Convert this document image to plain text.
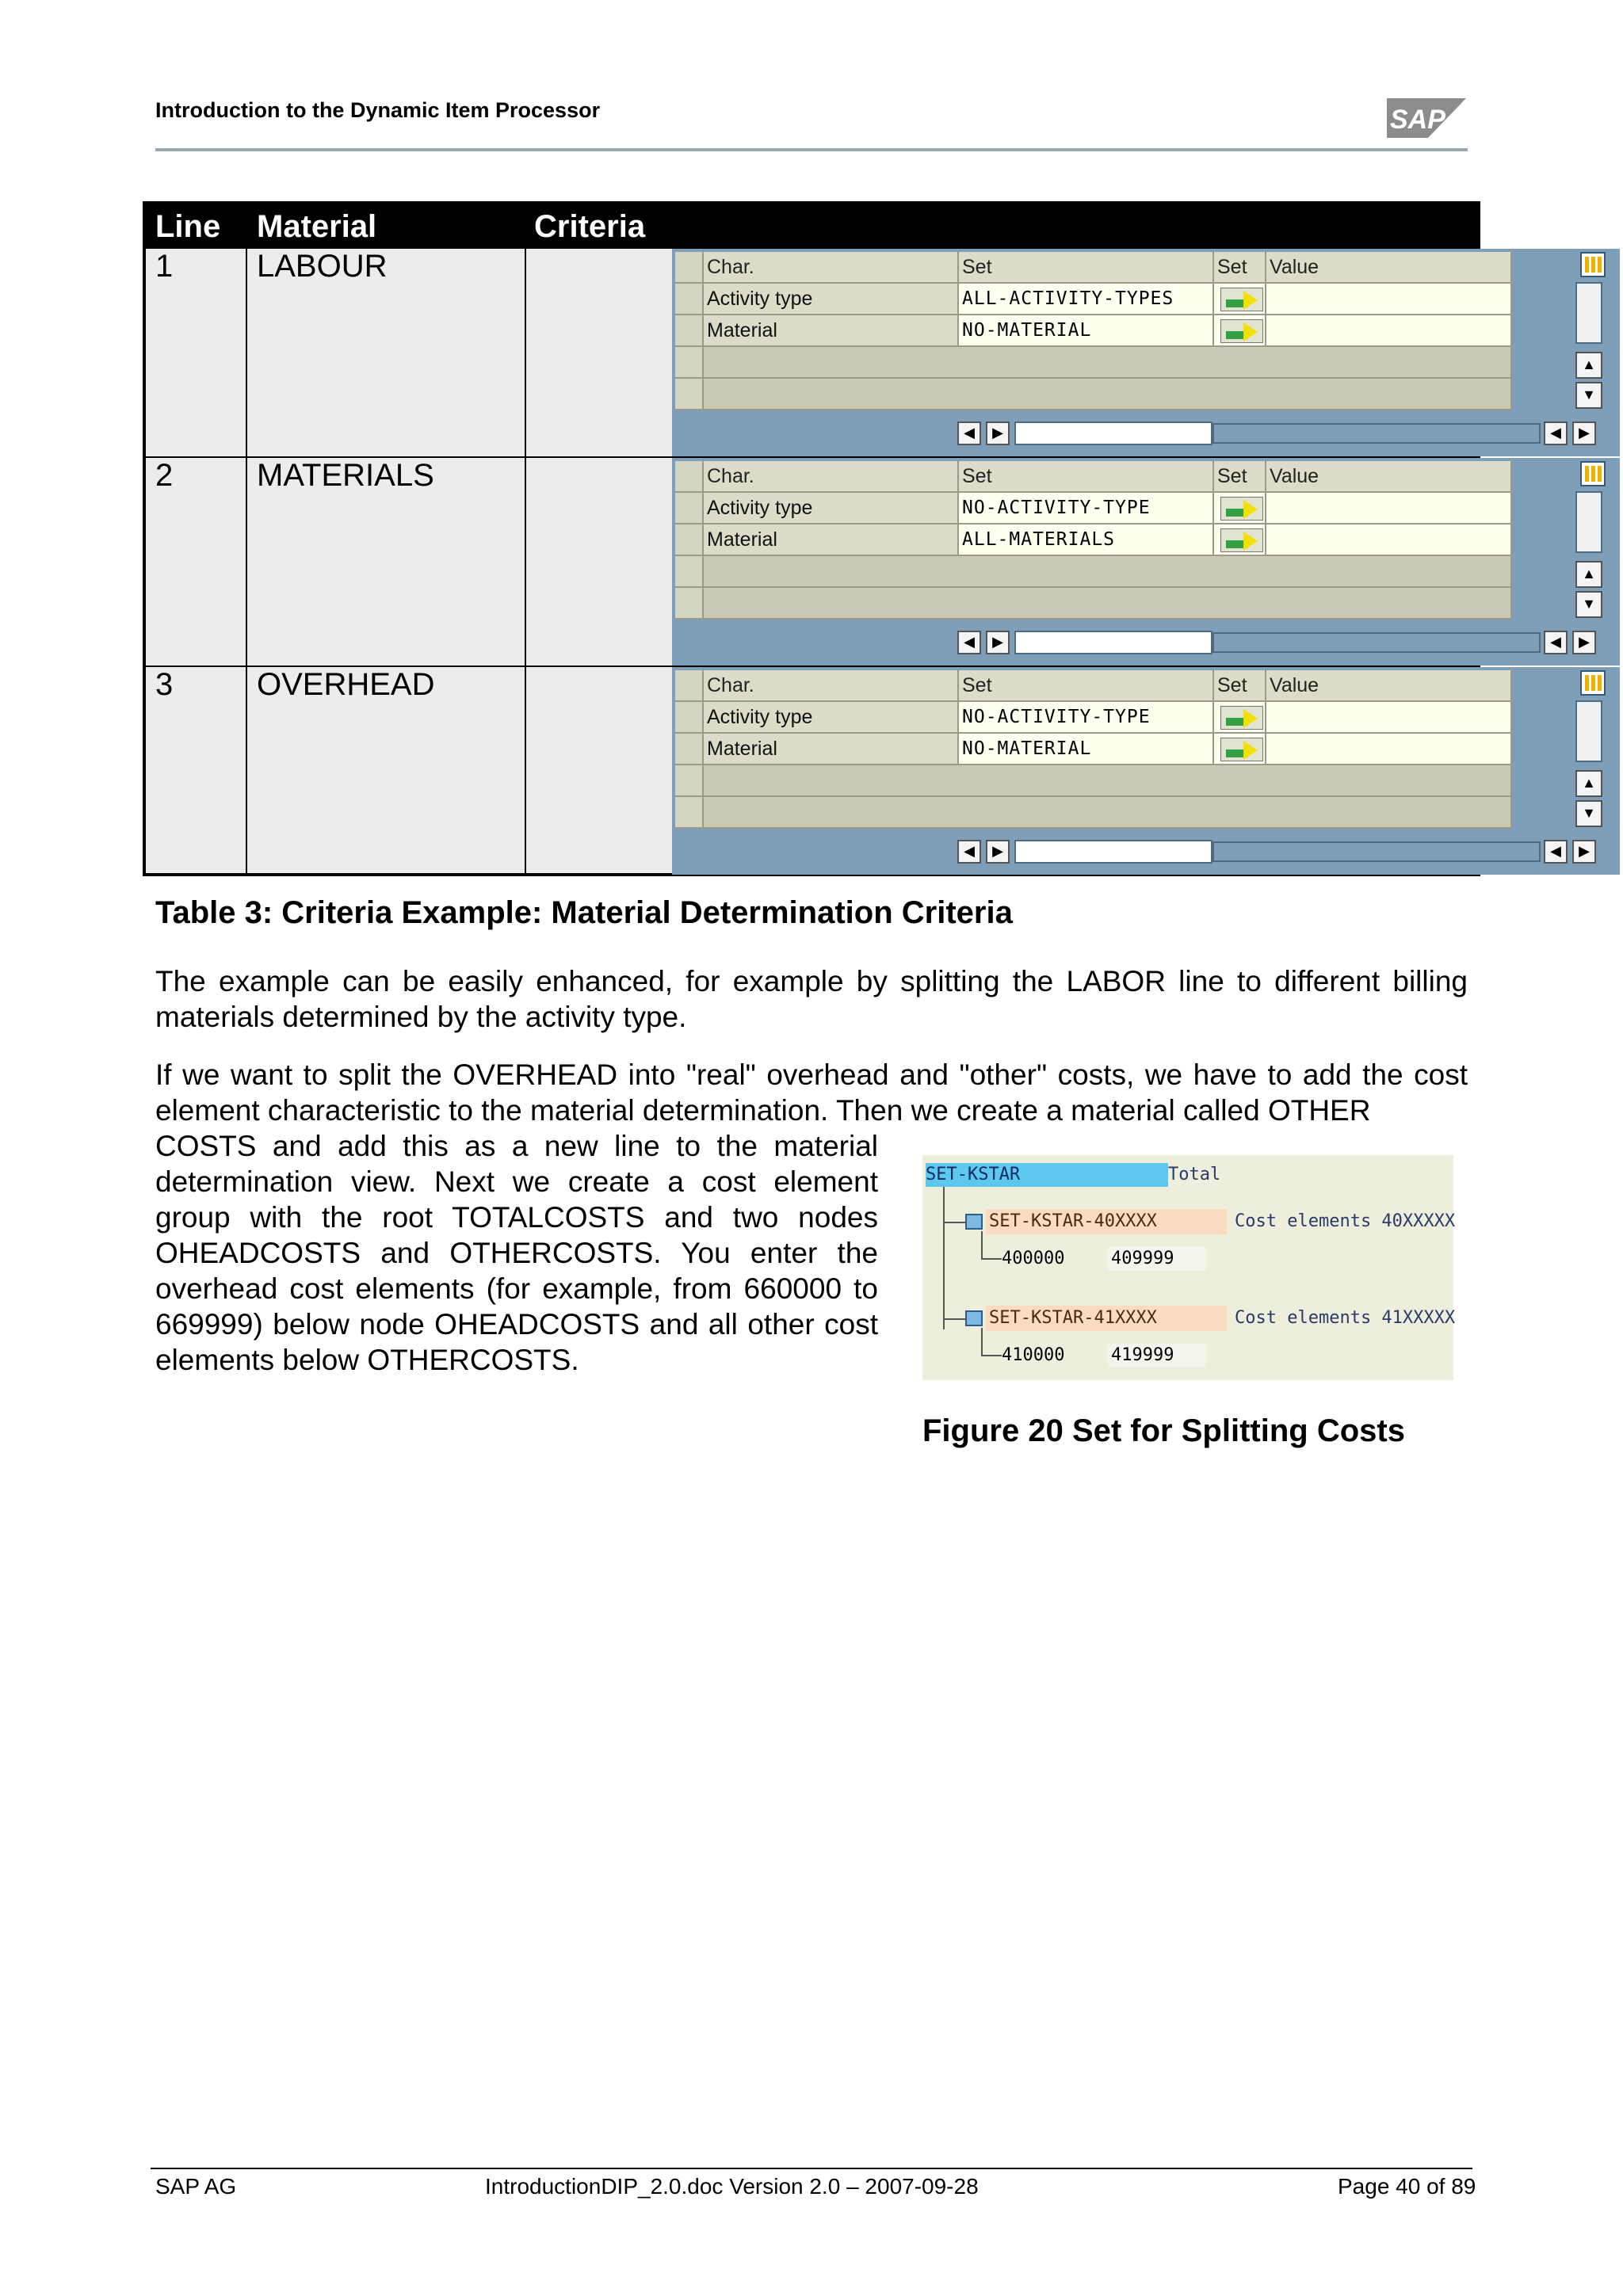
Introduction to the Dynamic Item Processor	SAP
Line Material	Criteria
1	LABOUR
2	MATERIALS
3	OVERHEAD
Char.	Set	Set	Value
Activity type	ALL-ACTIVITY-TYPES
Material	NO-MATERIAL
▲
▼
◀	▶	◀	▶
Char.	Set	Set	Value
Activity type	NO-ACTIVITY-TYPE
Material	ALL-MATERIALS
▲
▼
◀	▶	◀	▶
Char.	Set	Set	Value
Activity type	NO-ACTIVITY-TYPE
Material	NO-MATERIAL
▲
▼
◀	▶	◀	▶
Table 3: Criteria Example: Material Determination Criteria
The example can be easily enhanced, for example by splitting the LABOR line to different billing materials determined by the activity type.
If we want to split the OVERHEAD into "real" overhead and "other" costs, we have to add the cost element characteristic to the material determination. Then we create a material called OTHER
COSTS and add this as a new line to the material determination view. Next we create a cost element group with the root TOTALCOSTS and two nodes OHEADCOSTS and OTHERCOSTS. You enter the overhead cost elements (for example, from 660000 to 669999) below node OHEADCOSTS and all other cost elements below OTHERCOSTS.
SET-KSTAR	Total
SET-KSTAR-40XXXX	Cost elements 40XXXXX
400000	409999
SET-KSTAR-41XXXX	Cost elements 41XXXXX
410000	419999
Figure 20 Set for Splitting Costs
SAP AG	IntroductionDIP_2.0.doc Version 2.0 – 2007-09-28	Page 40 of 89
